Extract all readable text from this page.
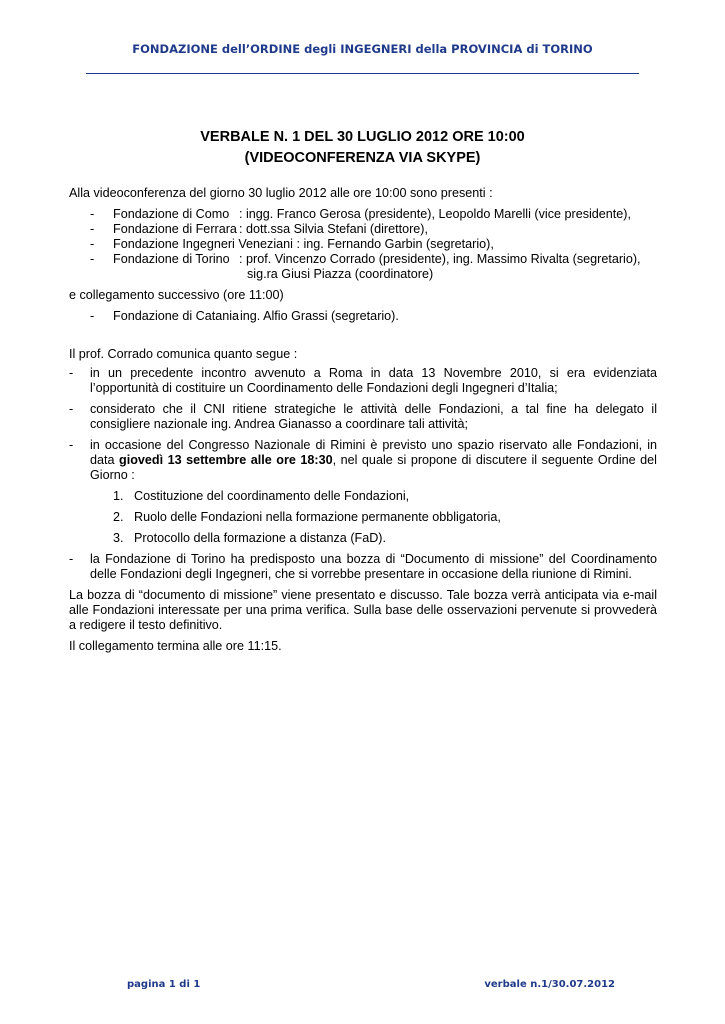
FONDAZIONE dell’ORDINE degli INGEGNERI della PROVINCIA di TORINO
VERBALE N. 1 DEL 30 LUGLIO 2012 ORE 10:00
(VIDEOCONFERENZA VIA SKYPE)

Alla videoconferenza del giorno 30 luglio 2012 alle ore 10:00 sono presenti :

- Fondazione di Como : ingg. Franco Gerosa (presidente), Leopoldo Marelli (vice presidente),
- Fondazione di Ferrara : dott.ssa Silvia Stefani (direttore),
- Fondazione Ingegneri Veneziani : ing. Fernando Garbin (segretario),
- Fondazione di Torino : prof. Vincenzo Corrado (presidente), ing. Massimo Rivalta (segretario),
sig.ra Giusi Piazza (coordinatore)

e collegamento successivo (ore 11:00)

- Fondazione di Catania: ing. Alfio Grassi (segretario).

Il prof. Corrado comunica quanto segue :

- in un precedente incontro avvenuto a Roma in data 13 Novembre 2010, si era evidenziata l’opportunità di costituire un Coordinamento delle Fondazioni degli Ingegneri d’Italia;
- considerato che il CNI ritiene strategiche le attività delle Fondazioni, a tal fine ha delegato il consigliere nazionale ing. Andrea Gianasso a coordinare tali attività;
- in occasione del Congresso Nazionale di Rimini è previsto uno spazio riservato alle Fondazioni, in data giovedì 13 settembre alle ore 18:30, nel quale si propone di discutere il seguente Ordine del Giorno :
1. Costituzione del coordinamento delle Fondazioni,
2. Ruolo delle Fondazioni nella formazione permanente obbligatoria,
3. Protocollo della formazione a distanza (FaD).
- la Fondazione di Torino ha predisposto una bozza di “Documento di missione” del Coordinamento delle Fondazioni degli Ingegneri, che si vorrebbe presentare in occasione della riunione di Rimini.

La bozza di “documento di missione” viene presentato e discusso. Tale bozza verrà anticipata via e-mail alle Fondazioni interessate per una prima verifica. Sulla base delle osservazioni pervenute si provvederà a redigere il testo definitivo.

Il collegamento termina alle ore 11:15.

pagina 1 di 1	verbale n.1/30.07.2012
